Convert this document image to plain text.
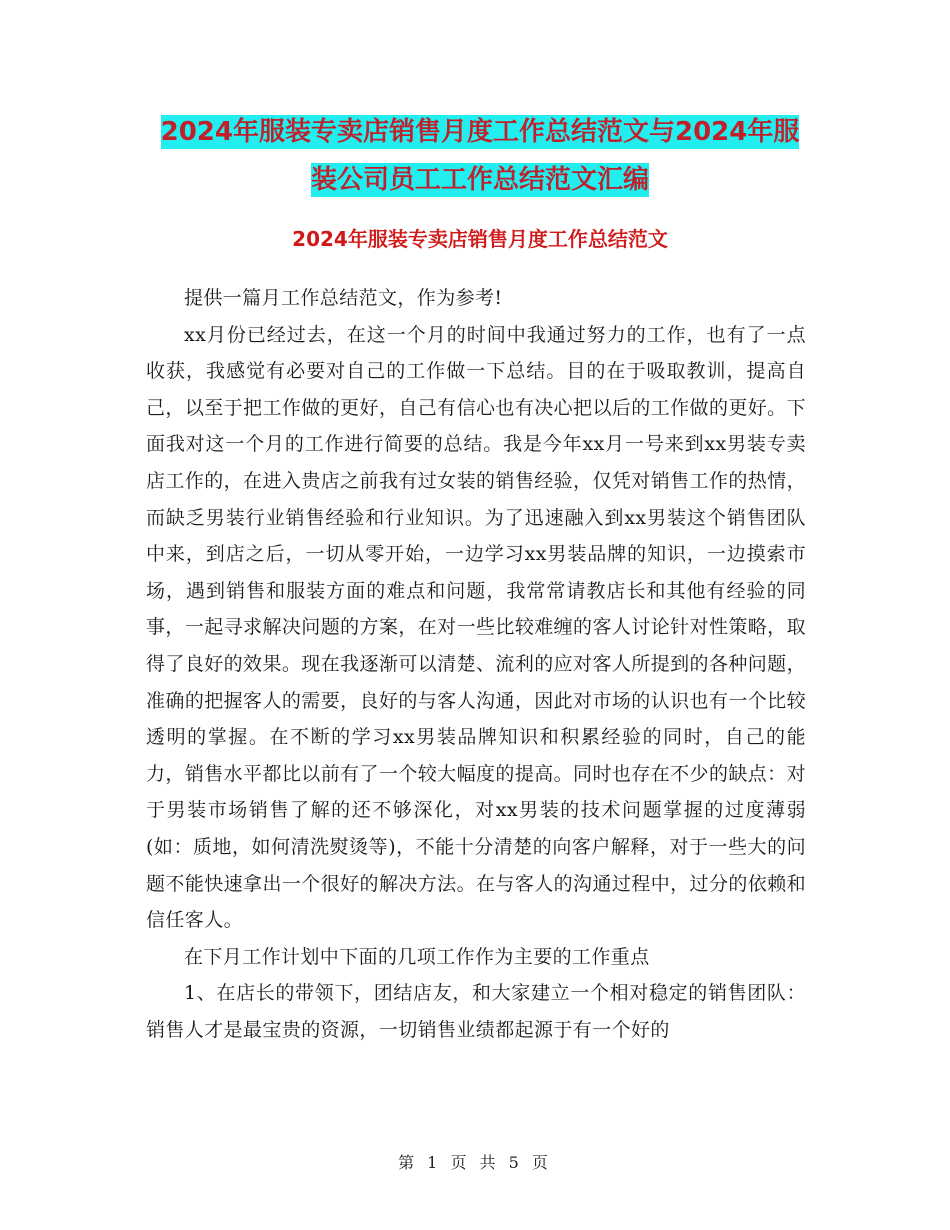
2024年服装专卖店销售月度工作总结范文与2024年服
装公司员工工作总结范文汇编
2024年服装专卖店销售月度工作总结范文

提供一篇月工作总结范文，作为参考!

xx月份已经过去，在这一个月的时间中我通过努力的工作，也有了一点收获，我感觉有必要对自己的工作做一下总结。目的在于吸取教训，提高自己，以至于把工作做的更好，自己有信心也有决心把以后的工作做的更好。下面我对这一个月的工作进行简要的总结。我是今年xx月一号来到xx男装专卖店工作的，在进入贵店之前我有过女装的销售经验，仅凭对销售工作的热情，而缺乏男装行业销售经验和行业知识。为了迅速融入到xx男装这个销售团队中来，到店之后，一切从零开始，一边学习xx男装品牌的知识，一边摸索市场，遇到销售和服装方面的难点和问题，我常常请教店长和其他有经验的同事，一起寻求解决问题的方案，在对一些比较难缠的客人讨论针对性策略，取得了良好的效果。现在我逐渐可以清楚、流利的应对客人所提到的各种问题，准确的把握客人的需要，良好的与客人沟通，因此对市场的认识也有一个比较透明的掌握。在不断的学习xx男装品牌知识和积累经验的同时，自己的能力，销售水平都比以前有了一个较大幅度的提高。同时也存在不少的缺点：对于男装市场销售了解的还不够深化，对xx男装的技术问题掌握的过度薄弱(如：质地，如何清洗熨烫等)，不能十分清楚的向客户解释，对于一些大的问题不能快速拿出一个很好的解决方法。在与客人的沟通过程中，过分的依赖和信任客人。

在下月工作计划中下面的几项工作作为主要的工作重点

1、在店长的带领下，团结店友，和大家建立一个相对稳定的销售团队：销售人才是最宝贵的资源，一切销售业绩都起源于有一个好的

第 1 页 共 5 页
